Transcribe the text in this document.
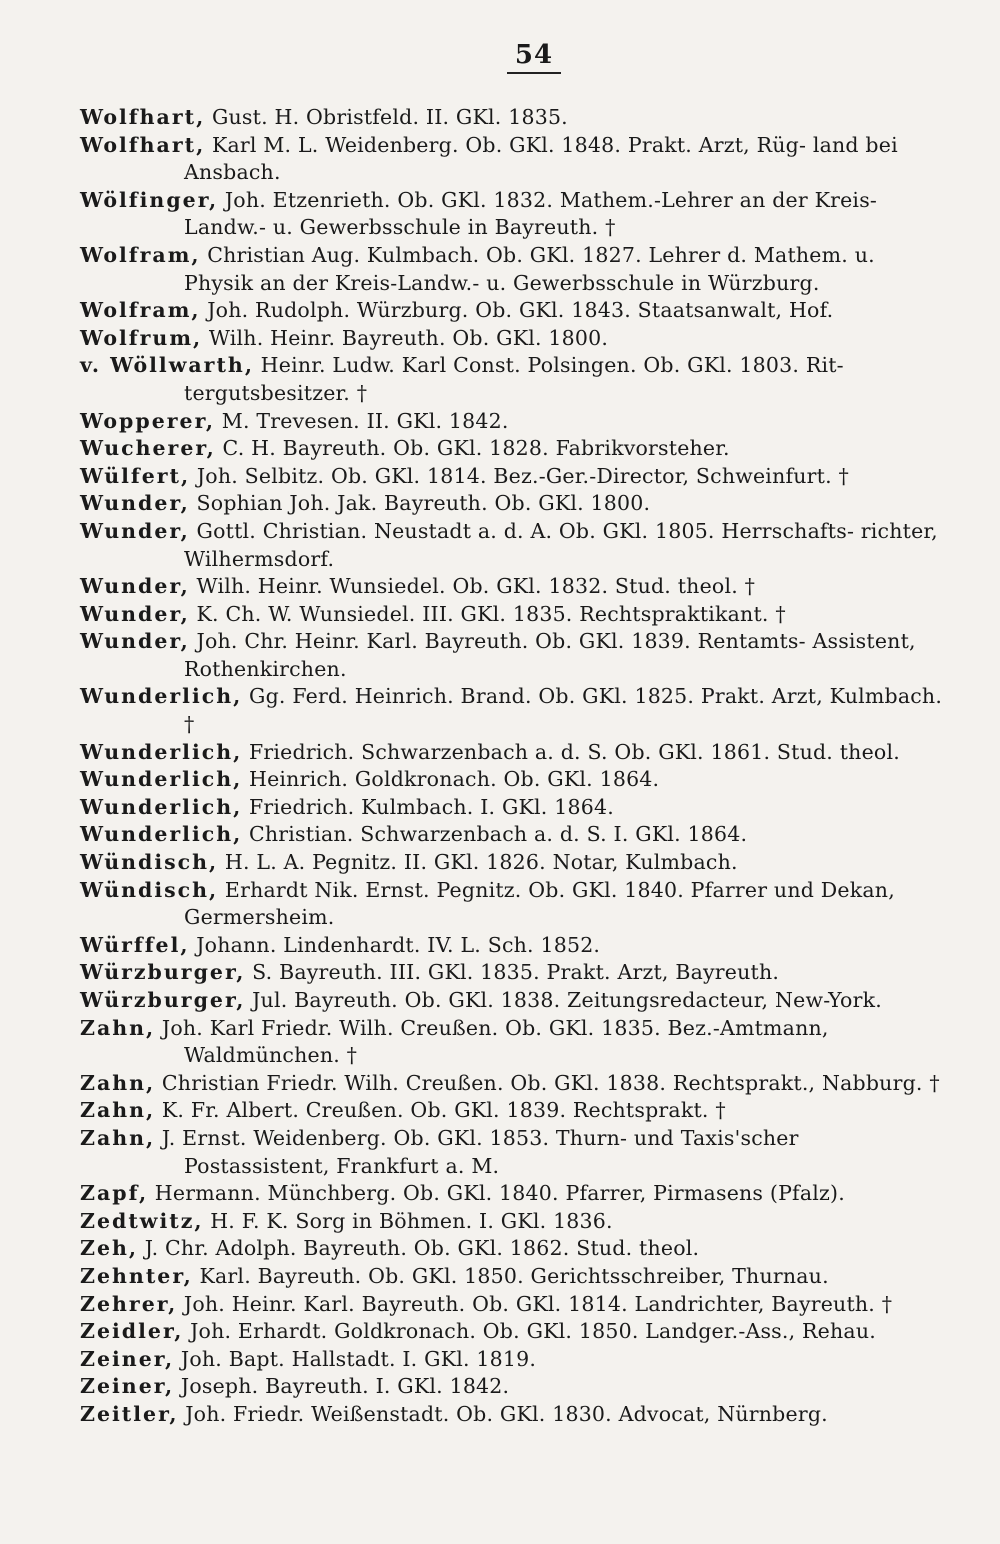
54
Wolfhart, Gust. H. Obristfeld. II. GKl. 1835.
Wolfhart, Karl M. L. Weidenberg. Ob. GKl. 1848. Prakt. Arzt, Rüg- land bei Ansbach.
Wölfinger, Joh. Etzenrieth. Ob. GKl. 1832. Mathem.-Lehrer an der Kreis-Landw.- u. Gewerbsschule in Bayreuth. †
Wolfram, Christian Aug. Kulmbach. Ob. GKl. 1827. Lehrer d. Mathem. u. Physik an der Kreis-Landw.- u. Gewerbsschule in Würzburg.
Wolfram, Joh. Rudolph. Würzburg. Ob. GKl. 1843. Staatsanwalt, Hof.
Wolfrum, Wilh. Heinr. Bayreuth. Ob. GKl. 1800.
v. Wöllwarth, Heinr. Ludw. Karl Const. Polsingen. Ob. GKl. 1803. Rit- tergutsbesitzer. †
Wopperer, M. Trevesen. II. GKl. 1842.
Wucherer, C. H. Bayreuth. Ob. GKl. 1828. Fabrikvorsteher.
Wülfert, Joh. Selbitz. Ob. GKl. 1814. Bez.-Ger.-Director, Schweinfurt. †
Wunder, Sophian Joh. Jak. Bayreuth. Ob. GKl. 1800.
Wunder, Gottl. Christian. Neustadt a. d. A. Ob. GKl. 1805. Herrschafts- richter, Wilhermsdorf.
Wunder, Wilh. Heinr. Wunsiedel. Ob. GKl. 1832. Stud. theol. †
Wunder, K. Ch. W. Wunsiedel. III. GKl. 1835. Rechtspraktikant. †
Wunder, Joh. Chr. Heinr. Karl. Bayreuth. Ob. GKl. 1839. Rentamts- Assistent, Rothenkirchen.
Wunderlich, Gg. Ferd. Heinrich. Brand. Ob. GKl. 1825. Prakt. Arzt, Kulmbach. †
Wunderlich, Friedrich. Schwarzenbach a. d. S. Ob. GKl. 1861. Stud. theol.
Wunderlich, Heinrich. Goldkronach. Ob. GKl. 1864.
Wunderlich, Friedrich. Kulmbach. I. GKl. 1864.
Wunderlich, Christian. Schwarzenbach a. d. S. I. GKl. 1864.
Wündisch, H. L. A. Pegnitz. II. GKl. 1826. Notar, Kulmbach.
Wündisch, Erhardt Nik. Ernst. Pegnitz. Ob. GKl. 1840. Pfarrer und Dekan, Germersheim.
Würffel, Johann. Lindenhardt. IV. L. Sch. 1852.
Würzburger, S. Bayreuth. III. GKl. 1835. Prakt. Arzt, Bayreuth.
Würzburger, Jul. Bayreuth. Ob. GKl. 1838. Zeitungsredacteur, New-York.
Zahn, Joh. Karl Friedr. Wilh. Creußen. Ob. GKl. 1835. Bez.-Amtmann, Waldmünchen. †
Zahn, Christian Friedr. Wilh. Creußen. Ob. GKl. 1838. Rechtsprakt., Nabburg. †
Zahn, K. Fr. Albert. Creußen. Ob. GKl. 1839. Rechtsprakt. †
Zahn, J. Ernst. Weidenberg. Ob. GKl. 1853. Thurn- und Taxis'scher Postassistent, Frankfurt a. M.
Zapf, Hermann. Münchberg. Ob. GKl. 1840. Pfarrer, Pirmasens (Pfalz).
Zedtwitz, H. F. K. Sorg in Böhmen. I. GKl. 1836.
Zeh, J. Chr. Adolph. Bayreuth. Ob. GKl. 1862. Stud. theol.
Zehnter, Karl. Bayreuth. Ob. GKl. 1850. Gerichtsschreiber, Thurnau.
Zehrer, Joh. Heinr. Karl. Bayreuth. Ob. GKl. 1814. Landrichter, Bayreuth. †
Zeidler, Joh. Erhardt. Goldkronach. Ob. GKl. 1850. Landger.-Ass., Rehau.
Zeiner, Joh. Bapt. Hallstadt. I. GKl. 1819.
Zeiner, Joseph. Bayreuth. I. GKl. 1842.
Zeitler, Joh. Friedr. Weißenstadt. Ob. GKl. 1830. Advocat, Nürnberg.
